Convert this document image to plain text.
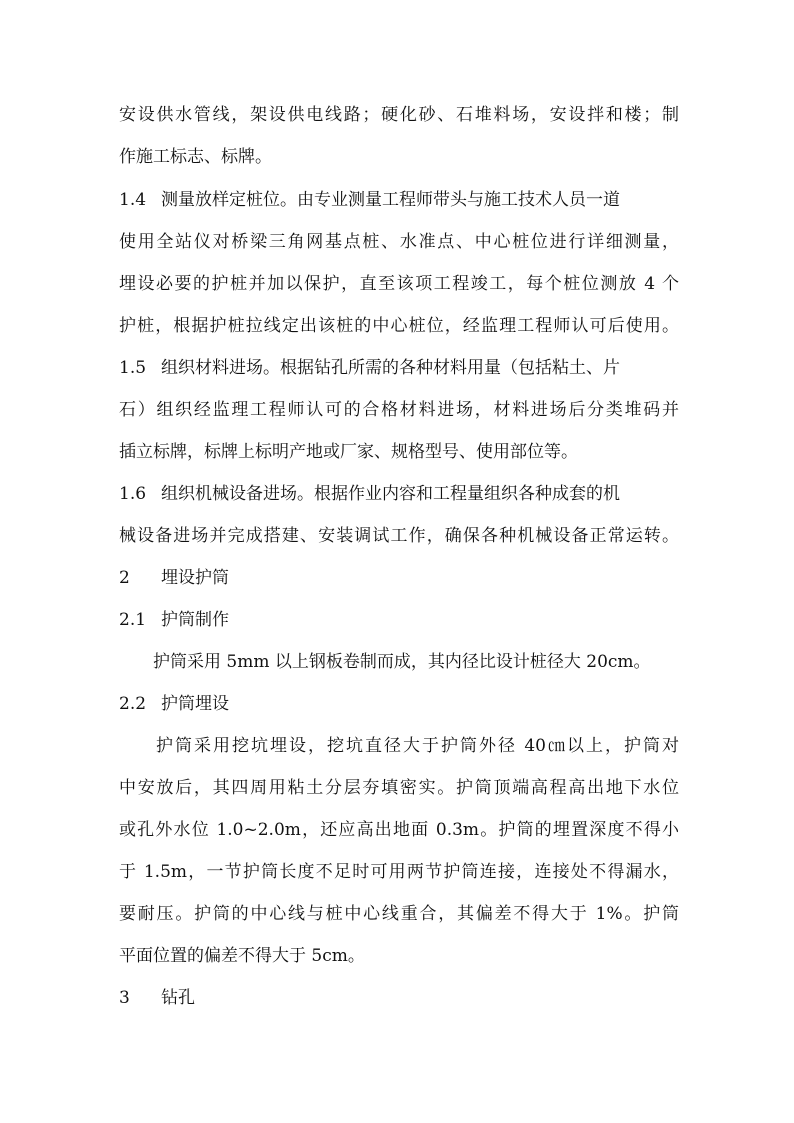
安设供水管线，架设供电线路；硬化砂、石堆料场，安设拌和楼；制
作施工标志、标牌。
1.4 测量放样定桩位。由专业测量工程师带头与施工技术人员一道
使用全站仪对桥梁三角网基点桩、水准点、中心桩位进行详细测量，
埋设必要的护桩并加以保护，直至该项工程竣工，每个桩位测放 4 个
护桩，根据护桩拉线定出该桩的中心桩位，经监理工程师认可后使用。
1.5 组织材料进场。根据钻孔所需的各种材料用量（包括粘土、片
石）组织经监理工程师认可的合格材料进场，材料进场后分类堆码并
插立标牌，标牌上标明产地或厂家、规格型号、使用部位等。
1.6 组织机械设备进场。根据作业内容和工程量组织各种成套的机
械设备进场并完成搭建、安装调试工作，确保各种机械设备正常运转。
2 埋设护筒
2.1 护筒制作
护筒采用 5mm 以上钢板卷制而成，其内径比设计桩径大 20cm。
2.2 护筒埋设
护筒采用挖坑埋设，挖坑直径大于护筒外径 40㎝以上，护筒对
中安放后，其四周用粘土分层夯填密实。护筒顶端高程高出地下水位
或孔外水位 1.0~2.0m，还应高出地面 0.3m。护筒的埋置深度不得小
于 1.5m，一节护筒长度不足时可用两节护筒连接，连接处不得漏水，
要耐压。护筒的中心线与桩中心线重合，其偏差不得大于 1%。护筒
平面位置的偏差不得大于 5cm。
3 钻孔
